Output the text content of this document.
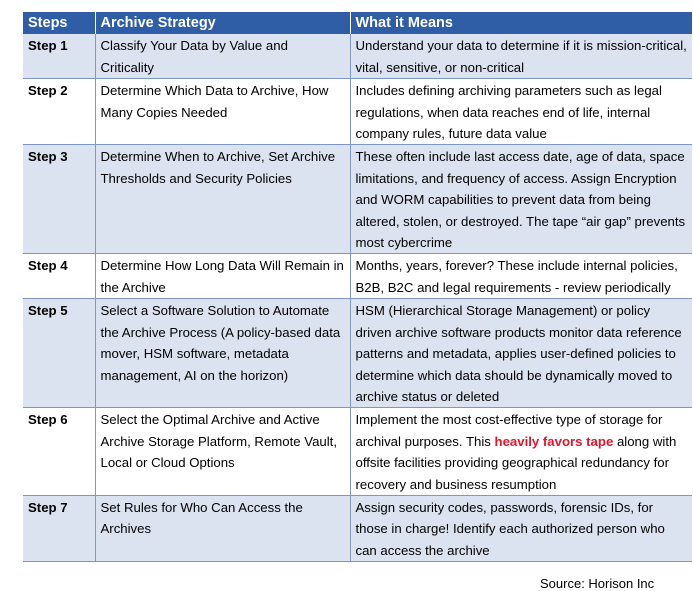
Steps	Archive Strategy	What it Means
Step 1	Classify Your Data by Value and Criticality	Understand your data to determine if it is mission-critical, vital, sensitive, or non-critical
Step 2	Determine Which Data to Archive, How Many Copies Needed	Includes defining archiving parameters such as legal regulations, when data reaches end of life, internal company rules, future data value
Step 3	Determine When to Archive, Set Archive Thresholds and Security Policies	These often include last access date, age of data, space limitations, and frequency of access. Assign Encryption and WORM capabilities to prevent data from being altered, stolen, or destroyed. The tape “air gap” prevents most cybercrime
Step 4	Determine How Long Data Will Remain in the Archive	Months, years, forever? These include internal policies, B2B, B2C and legal requirements - review periodically
Step 5	Select a Software Solution to Automate the Archive Process (A policy-based data mover, HSM software, metadata management, AI on the horizon)	HSM (Hierarchical Storage Management) or policy driven archive software products monitor data reference patterns and metadata, applies user-defined policies to determine which data should be dynamically moved to archive status or deleted
Step 6	Select the Optimal Archive and Active Archive Storage Platform, Remote Vault, Local or Cloud Options	Implement the most cost-effective type of storage for archival purposes. This heavily favors tape along with offsite facilities providing geographical redundancy for recovery and business resumption
Step 7	Set Rules for Who Can Access the Archives	Assign security codes, passwords, forensic IDs, for those in charge! Identify each authorized person who can access the archive
Source: Horison Inc
